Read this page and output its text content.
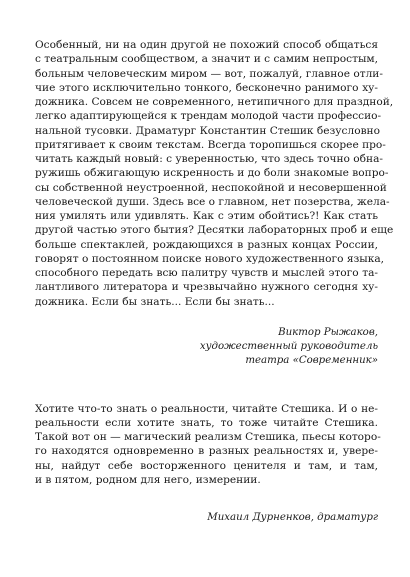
Особенный, ни на один другой не похожий способ общаться
с театральным сообществом, а значит и с самим непростым,
больным человеческим миром — вот, пожалуй, главное отли-
чие этого исключительно тонкого, бесконечно ранимого ху-
дожника. Совсем не современного, нетипичного для праздной,
легко адаптирующейся к трендам молодой части профессио-
нальной тусовки. Драматург Константин Стешик безусловно
притягивает к своим текстам. Всегда торопишься скорее про-
читать каждый новый: с уверенностью, что здесь точно обна-
ружишь обжигающую искренность и до боли знакомые вопро-
сы собственной неустроенной, неспокойной и несовершенной
человеческой души. Здесь все о главном, нет позерства, жела-
ния умилять или удивлять. Как с этим обойтись?! Как стать
другой частью этого бытия? Десятки лабораторных проб и еще
больше спектаклей, рождающихся в разных концах России,
говорят о постоянном поиске нового художественного языка,
способного передать всю палитру чувств и мыслей этого та-
лантливого литератора и чрезвычайно нужного сегодня ху-
дожника. Если бы знать... Если бы знать...
Виктор Рыжаков,
художественный руководитель
театра «Современник»
Хотите что-то знать о реальности, читайте Стешика. И о не-
реальности если хотите знать, то тоже читайте Стешика.
Такой вот он — магический реализм Стешика, пьесы которо-
го находятся одновременно в разных реальностях и, увере-
ны, найдут себе восторженного ценителя и там, и там,
и в пятом, родном для него, измерении.
Михаил Дурненков, драматург
